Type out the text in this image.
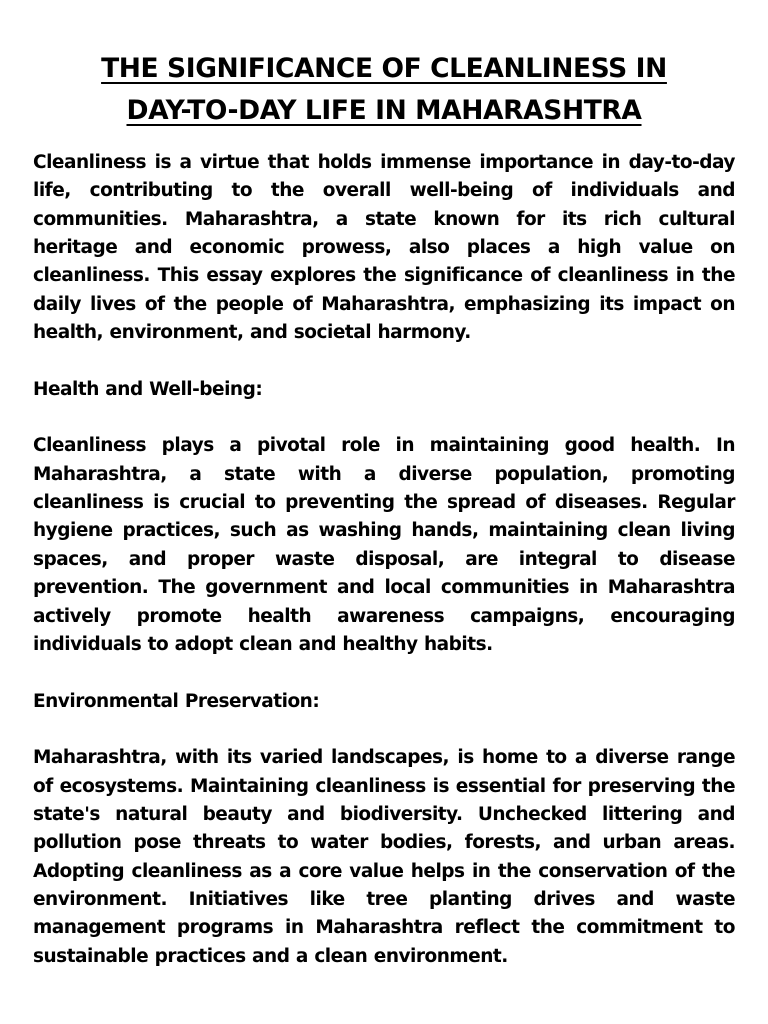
THE SIGNIFICANCE OF CLEANLINESS IN
DAY-TO-DAY LIFE IN MAHARASHTRA

Cleanliness is a virtue that holds immense importance in day-to-day life, contributing to the overall well-being of individuals and communities. Maharashtra, a state known for its rich cultural heritage and economic prowess, also places a high value on cleanliness. This essay explores the significance of cleanliness in the daily lives of the people of Maharashtra, emphasizing its impact on health, environment, and societal harmony.

Health and Well-being:

Cleanliness plays a pivotal role in maintaining good health. In Maharashtra, a state with a diverse population, promoting cleanliness is crucial to preventing the spread of diseases. Regular hygiene practices, such as washing hands, maintaining clean living spaces, and proper waste disposal, are integral to disease prevention. The government and local communities in Maharashtra actively promote health awareness campaigns, encouraging individuals to adopt clean and healthy habits.

Environmental Preservation:

Maharashtra, with its varied landscapes, is home to a diverse range of ecosystems. Maintaining cleanliness is essential for preserving the state's natural beauty and biodiversity. Unchecked littering and pollution pose threats to water bodies, forests, and urban areas. Adopting cleanliness as a core value helps in the conservation of the environment. Initiatives like tree planting drives and waste management programs in Maharashtra reflect the commitment to sustainable practices and a clean environment.
